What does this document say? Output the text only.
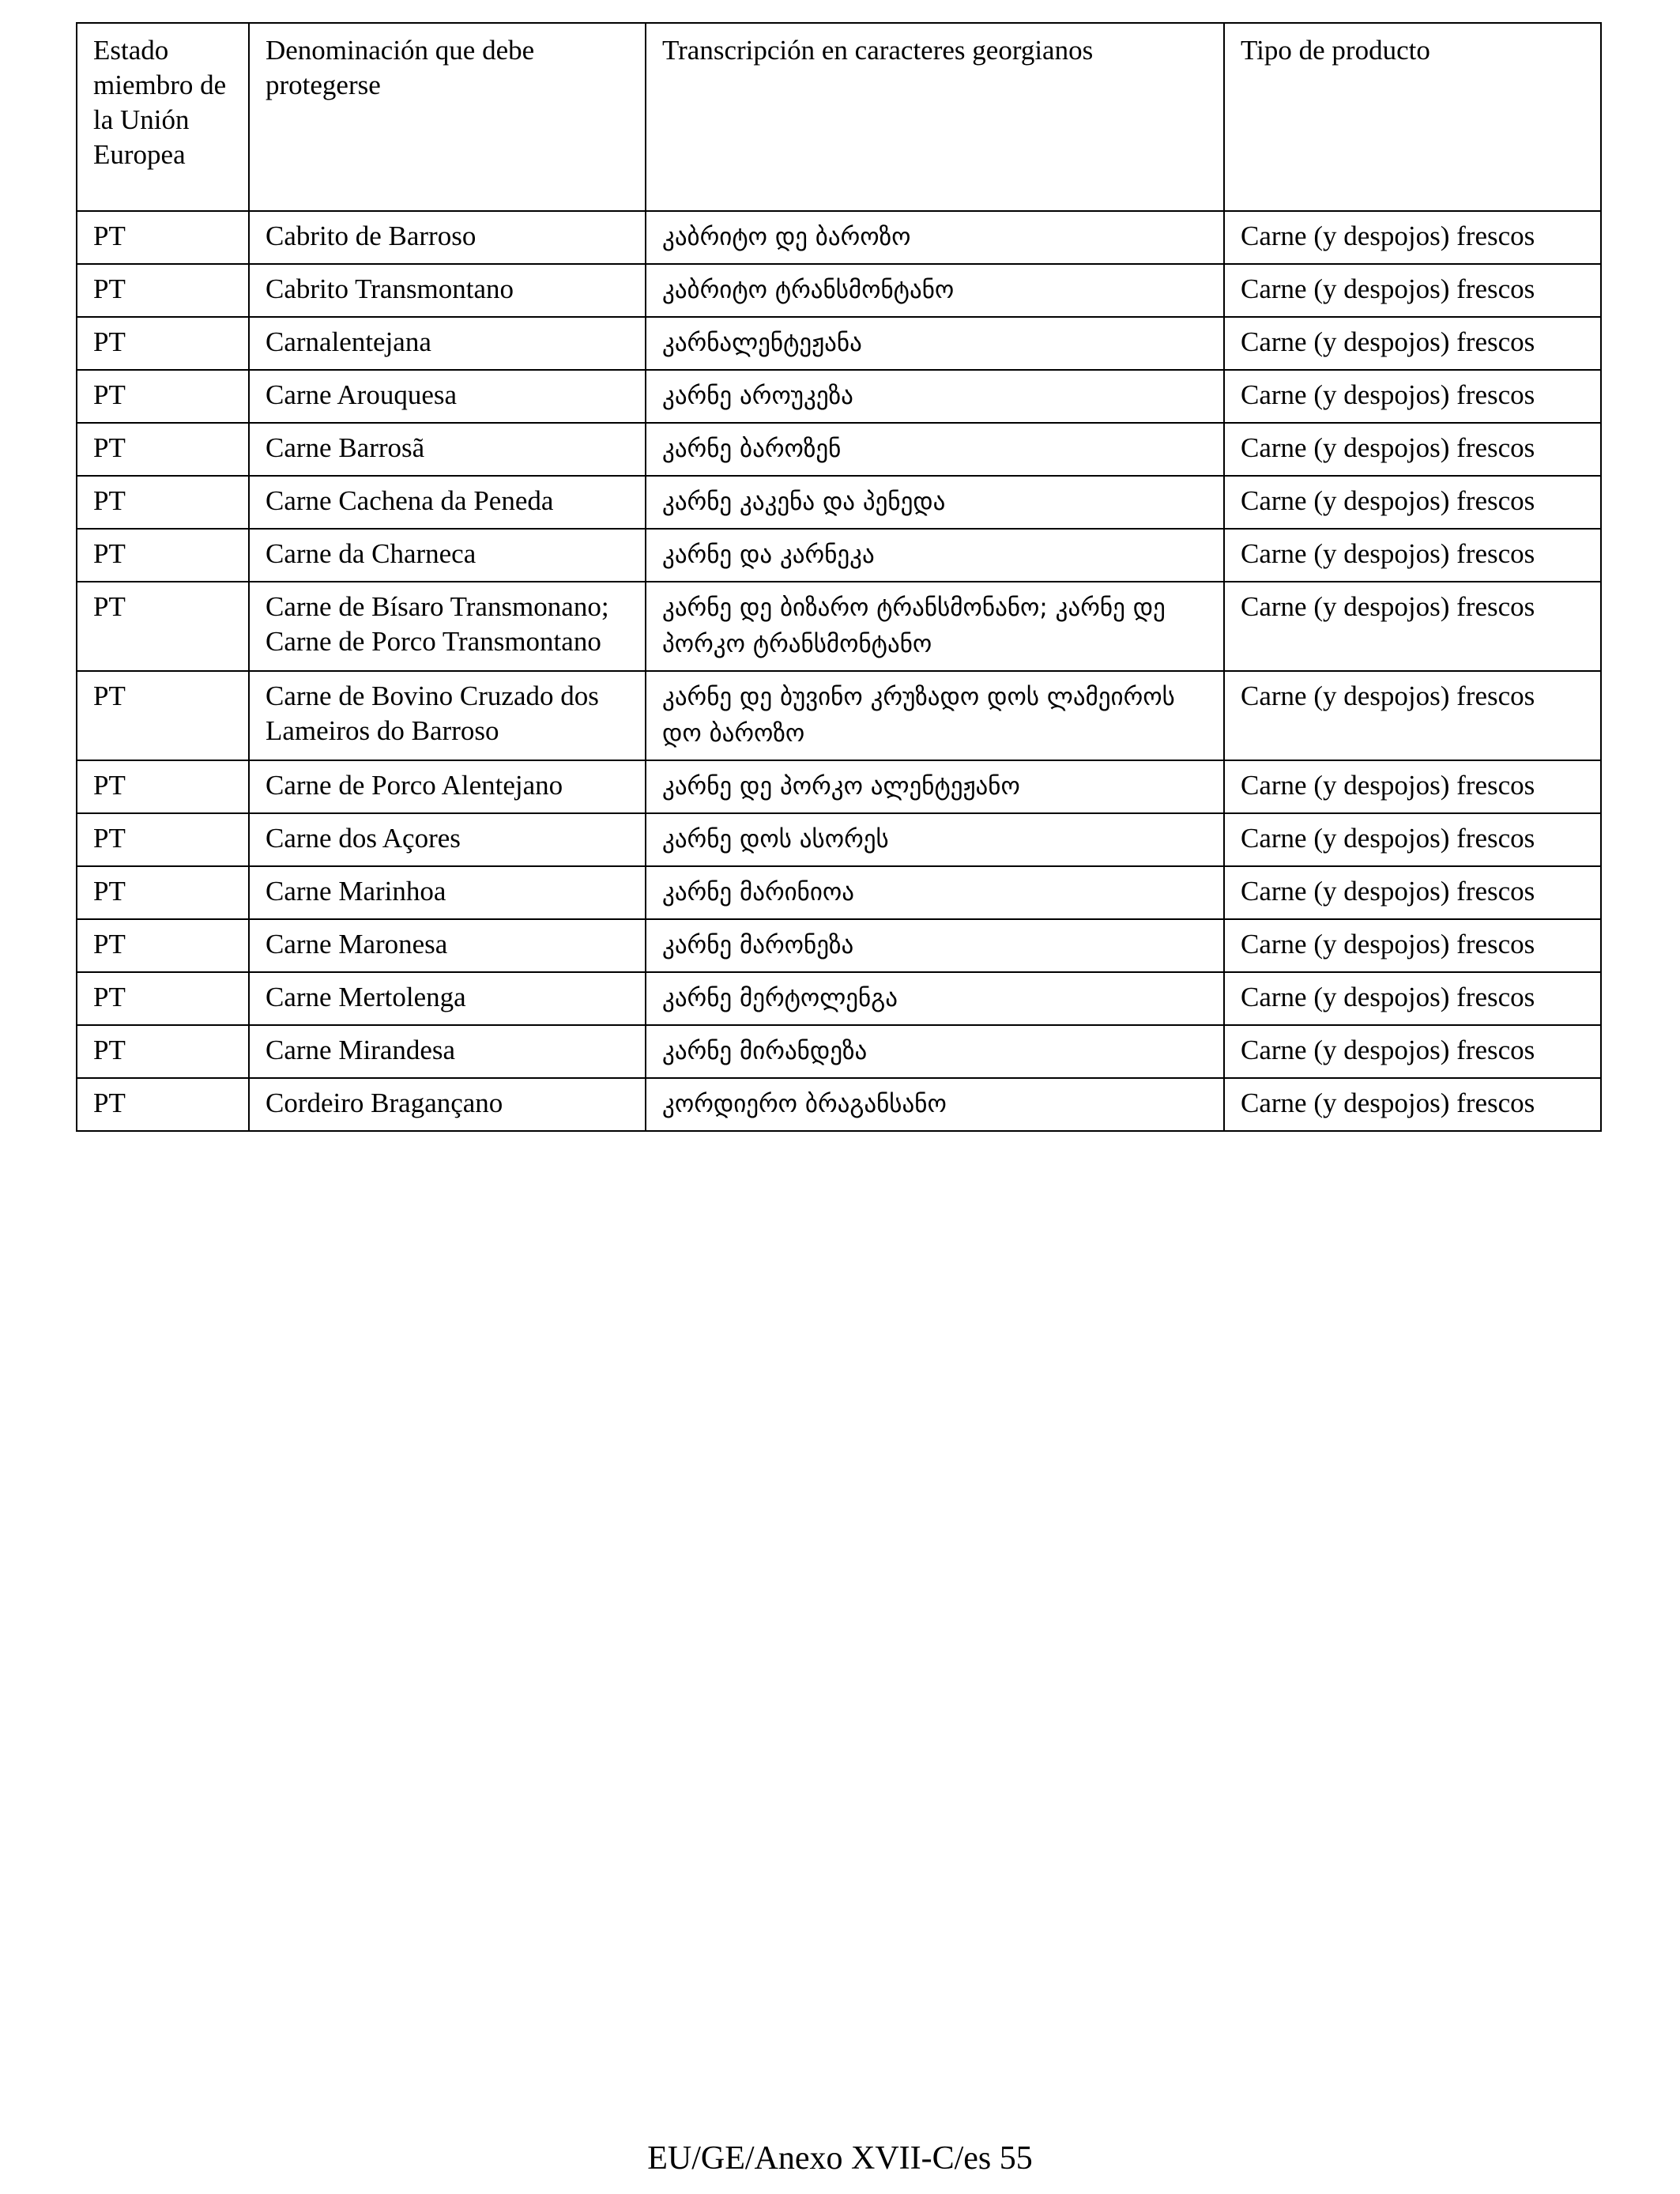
Estado miembro de la Unión Europea	Denominación que debe protegerse	Transcripción en caracteres georgianos	Tipo de producto
PT	Cabrito de Barroso	კაბრიტო დე ბაროზო	Carne (y despojos) frescos
PT	Cabrito Transmontano	კაბრიტო ტრანსმონტანო	Carne (y despojos) frescos
PT	Carnalentejana	კარნალენტეჟანა	Carne (y despojos) frescos
PT	Carne Arouquesa	კარნე აროუკეზა	Carne (y despojos) frescos
PT	Carne Barrosã	კარნე ბაროზენ	Carne (y despojos) frescos
PT	Carne Cachena da Peneda	კარნე კაკენა და პენედა	Carne (y despojos) frescos
PT	Carne da Charneca	კარნე და კარნეკა	Carne (y despojos) frescos
PT	Carne de Bísaro Transmonano; Carne de Porco Transmontano	კარნე დე ბიზარო ტრანსმონანო; კარნე დე პორკო ტრანსმონტანო	Carne (y despojos) frescos
PT	Carne de Bovino Cruzado dos Lameiros do Barroso	კარნე დე ბუვინო კრუზადო დოს ლამეიროს დო ბაროზო	Carne (y despojos) frescos
PT	Carne de Porco Alentejano	კარნე დე პორკო ალენტეჟანო	Carne (y despojos) frescos
PT	Carne dos Açores	კარნე დოს ასორეს	Carne (y despojos) frescos
PT	Carne Marinhoa	კარნე მარინიოა	Carne (y despojos) frescos
PT	Carne Maronesa	კარნე მარონეზა	Carne (y despojos) frescos
PT	Carne Mertolenga	კარნე მერტოლენგა	Carne (y despojos) frescos
PT	Carne Mirandesa	კარნე მირანდეზა	Carne (y despojos) frescos
PT	Cordeiro Bragançano	კორდიერო ბრაგანსანო	Carne (y despojos) frescos
EU/GE/Anexo XVII-C/es 55
